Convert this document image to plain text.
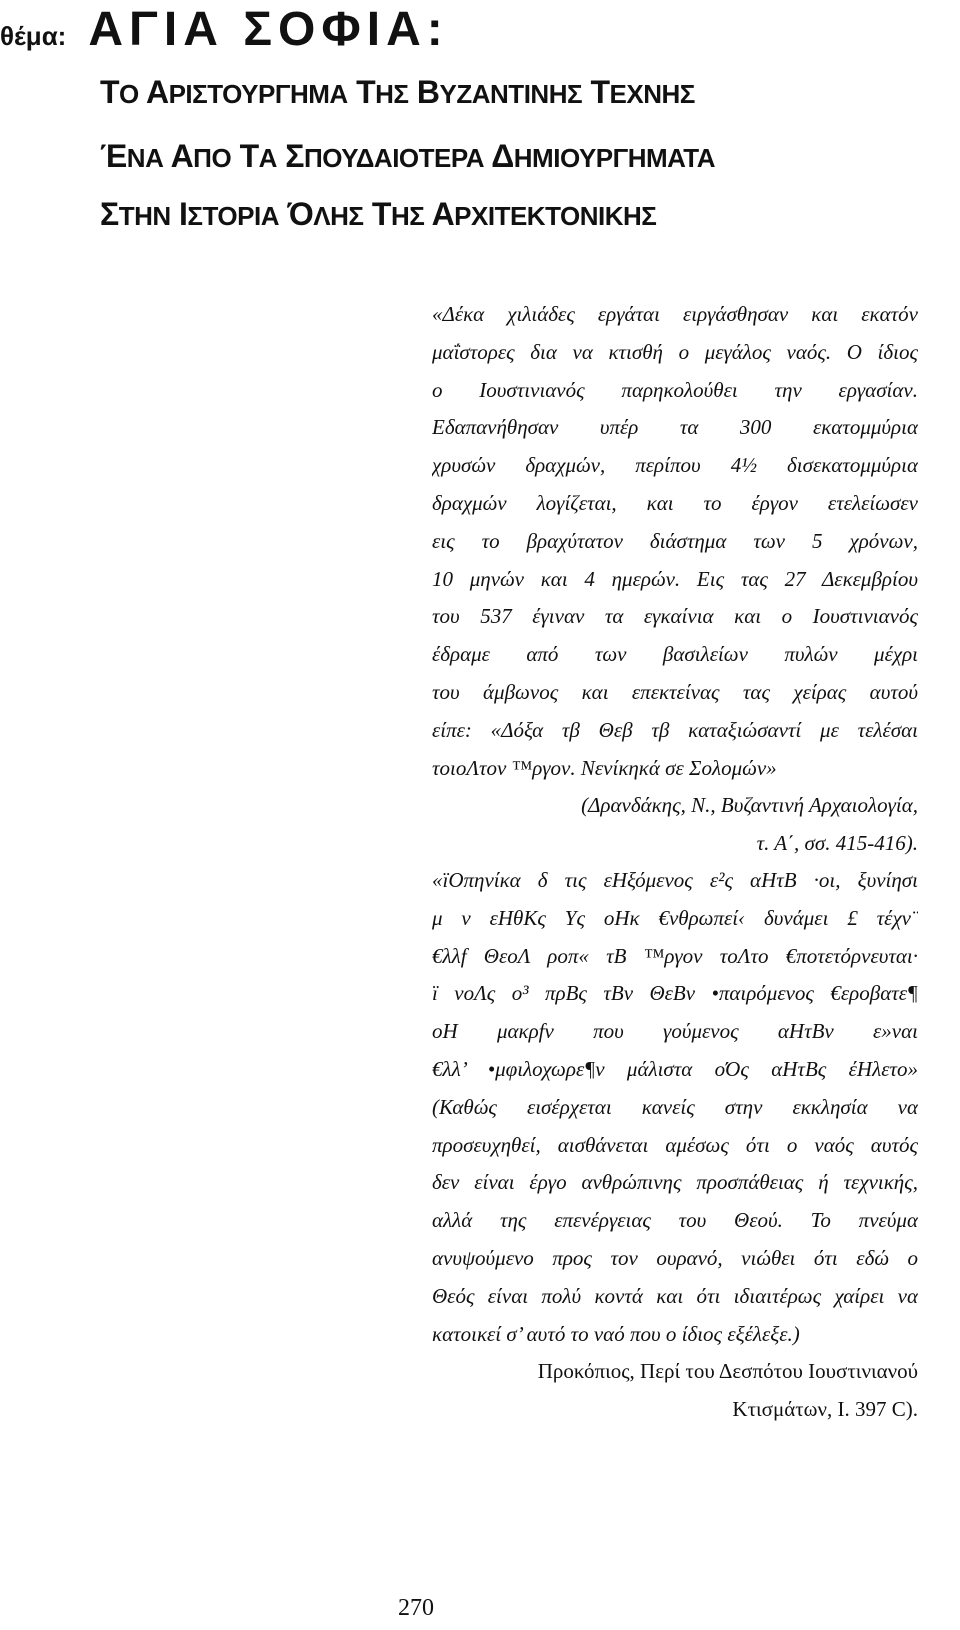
θέμα: ΑΓΙΑ ΣΟΦΙΑ:
ΤΟ ΑΡΙΣΤΟΥΡΓΗΜΑ ΤΗΣ ΒΥΖΑΝΤΙΝΗΣ ΤΕΧΝΗΣ
ΈΝΑ ΑΠΟ ΤΑ ΣΠΟΥΔΑΙΟΤΕΡΑ ΔΗΜΙΟΥΡΓΗΜΑΤΑ
ΣΤΗΝ ΙΣΤΟΡΙΑ ΌΛΗΣ ΤΗΣ ΑΡΧΙΤΕΚΤΟΝΙΚΗΣ
«Δέκα χιλιάδες εργάται ειργάσθησαν και εκατόν
μαΐστορες δια να κτισθή ο μεγάλος ναός. Ο ίδιος
ο Ιουστινιανός παρηκολούθει την εργασίαν.
Εδαπανήθησαν υπέρ τα 300 εκατομμύρια
χρυσών δραχμών, περίπου 4½ δισεκατομμύρια
δραχμών λογίζεται, και το έργον ετελείωσεν
εις το βραχύτατον διάστημα των 5 χρόνων,
10 μηνών και 4 ημερών. Εις τας 27 Δεκεμβρίου
του 537 έγιναν τα εγκαίνια και ο Ιουστινιανός
έδραμε από των βασιλείων πυλών μέχρι
του άμβωνος και επεκτείνας τας χείρας αυτού
είπε: «Δόξα τβ Θεβ τβ καταξιώσαντί με τελέσαι
τοιοΛτον ™ργον. Νενίκηκά σε Σολομών»
(Δρανδάκης, Ν., Βυζαντινή Αρχαιολογία,
τ. Α΄, σσ. 415-416).
«ïΟπηνίκα δ τις εHξόμενος ε²ς αHτΒ ·οι, ξυνίησι
μ ν εHθΚς Υς οHκ €νθρωπεί‹ δυνάμει £ τέχν¨
€λλf ΘεοΛ ροπ« τΒ ™ργον τοΛτο €ποτετόρνευται·
ï νοΛς ο³ πρΒς τΒν ΘεΒν •παιρόμενος €εροβατε¶
οH μακρfν που γούμενος αHτΒν ε»ναι
€λλ’ •μφιλοχωρε¶ν μάλιστα οΌς αHτΒς έΗλετο»
(Καθώς εισέρχεται κανείς στην εκκλησία να
προσευχηθεί, αισθάνεται αμέσως ότι ο ναός αυτός
δεν είναι έργο ανθρώπινης προσπάθειας ή τεχνικής,
αλλά της επενέργειας του Θεού. Το πνεύμα
ανυψούμενο προς τον ουρανό, νιώθει ότι εδώ ο
Θεός είναι πολύ κοντά και ότι ιδιαιτέρως χαίρει να
κατοικεί σ’ αυτό το ναό που ο ίδιος εξέλεξε.)
Προκόπιος, Περί του Δεσπότου Ιουστινιανού
Κτισμάτων, Ι. 397 C).
270
